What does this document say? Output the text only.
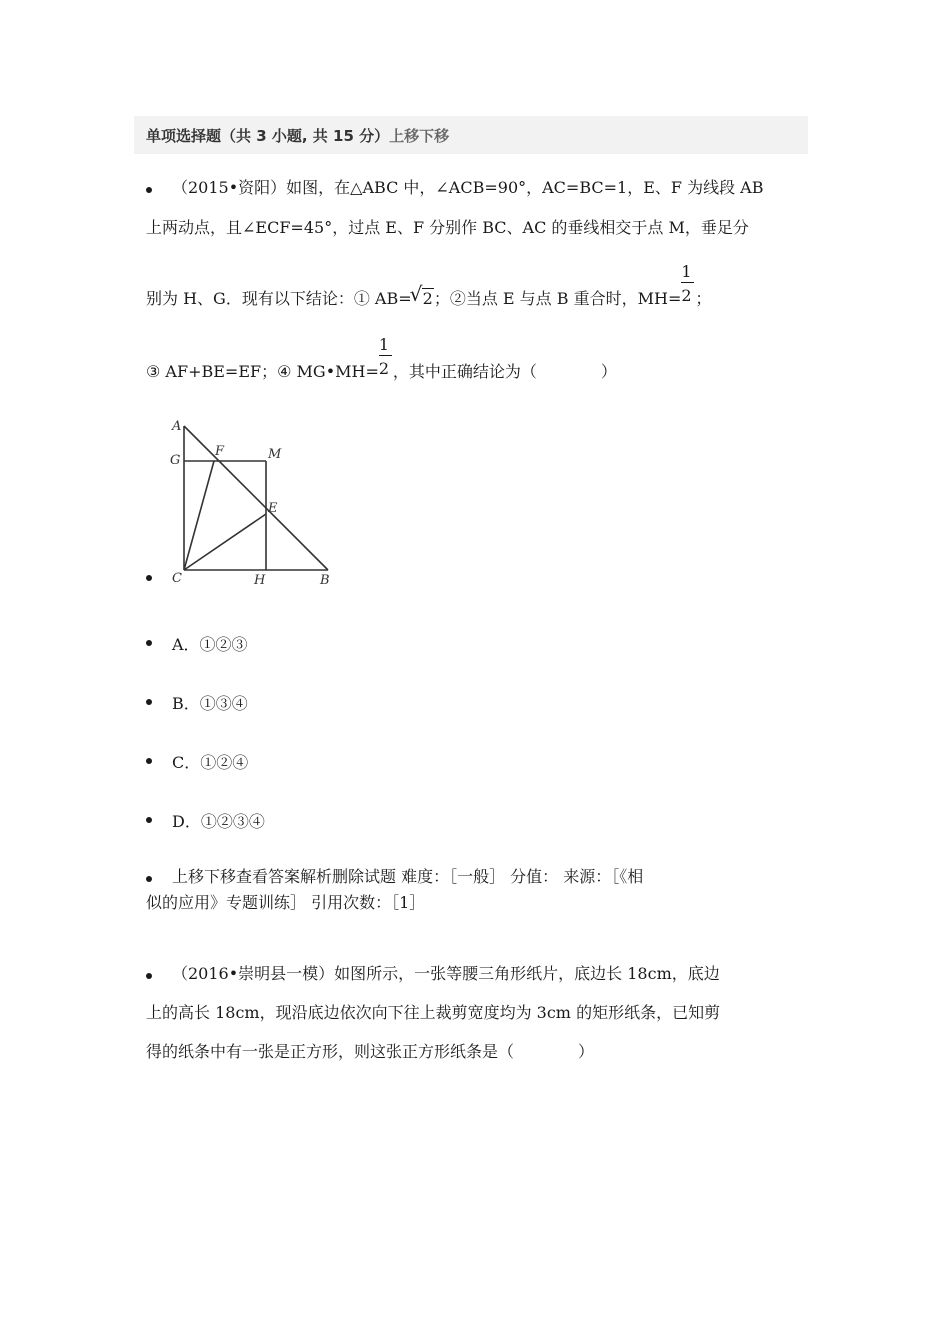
单项选择题（共 3 小题, 共 15 分） 上移下移
（2015•资阳）如图，在△ABC 中，∠ACB=90°，AC=BC=1，E、F 为线段 AB
上两动点，且∠ECF=45°，过点 E、F 分别作 BC、AC 的垂线相交于点 M，垂足分
别为 H、G．现有以下结论：① AB=
√ 2；②当点 E 与点 B 重合时，$MH= \frac{1}{2}$ ；
③ AF+BE=EF；④ MG•MH= $\frac{1}{2}$ ，其中正确结论为（　　　　）
A
G
F	M
E
C	H	B
A．①②③
B．①③④
C．①②④
D．①②③④
上移下移查看答案解析删除试题 难度：［一般］ 分值： 来源：［《相
似的应用》专题训练］ 引用次数：［1］
（2016•崇明县一模）如图所示，一张等腰三角形纸片，底边长 18cm，底边
上的高长 18cm，现沿底边依次向下往上裁剪宽度均为 3cm 的矩形纸条，已知剪
得的纸条中有一张是正方形，则这张正方形纸条是（　　　　）
